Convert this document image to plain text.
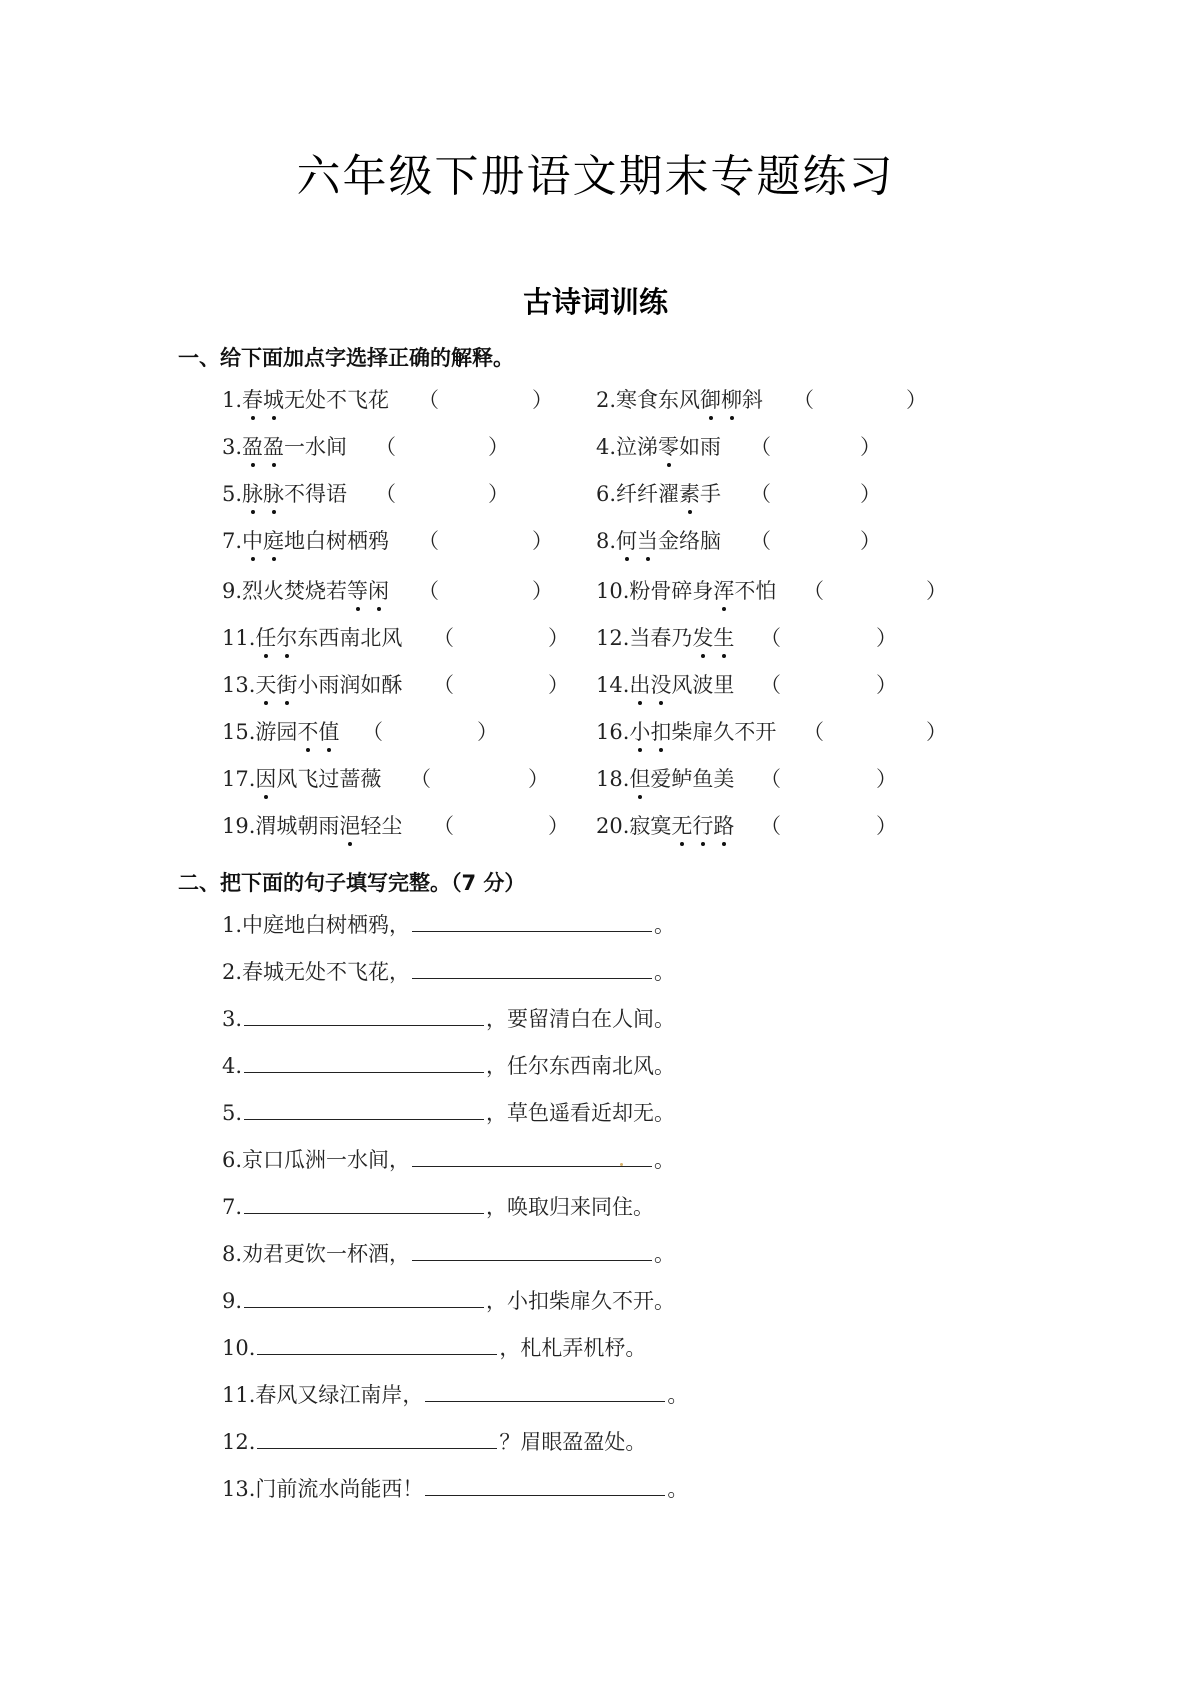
六年级下册语文期末专题练习
古诗词训练
一、给下面加点字选择正确的解释。
1.春城无处不飞花 （	） 2.寒食东风御柳斜 （	）
3.盈盈一水间 （	）	4.泣涕零如雨 （	）
5.脉脉不得语 （	）	6.纤纤濯素手 （	）
7.中庭地白树栖鸦 （	） 8.何当金络脑 （	）
9.烈火焚烧若等闲 （	） 10.粉骨碎身浑不怕 （	）
11.任尔东西南北风 （	） 12.当春乃发生 （	）
13.天街小雨润如酥 （	） 14.出没风波里 （	）
15.游园不值 （	）	16.小扣柴扉久不开 （	）
17.因风飞过蔷薇 （	） 18.但爱鲈鱼美 （	）
19.渭城朝雨浥轻尘 （	） 20.寂寞无行路 （	）
二、把下面的句子填写完整。（7 分）
1.中庭地白树栖鸦，	。
2.春城无处不飞花，	。
3.	，要留清白在人间。
4.	，任尔东西南北风。
5.	，草色遥看近却无。
6.京口瓜洲一水间，	。
7.	，唤取归来同住。
8.劝君更饮一杯酒，	。
9.	，小扣柴扉久不开。
10.	，札札弄机杼。
11.春风又绿江南岸，	。
12.	？眉眼盈盈处。
13.门前流水尚能西！	。
